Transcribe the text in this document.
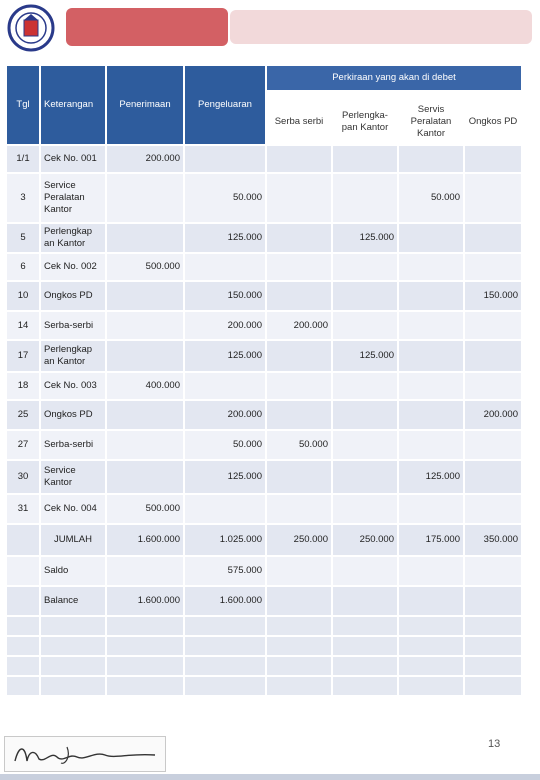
Tgl	Keterangan	Penerimaan	Pengeluaran	Perkiraan yang akan di debet			

				Serba serbi	Perlengka-pan Kantor	Servis Peralatan Kantor	Ongkos PD
1/1	Cek No. 001	200.000					
3	Service Peralatan Kantor		50.000			50.000	
5	Perlengkap an Kantor		125.000		125.000		
6	Cek No. 002	500.000					
10	Ongkos PD		150.000				150.000
14	Serba-serbi		200.000	200.000			
17	Perlengkap an Kantor		125.000		125.000		
18	Cek No. 003	400.000					
25	Ongkos PD		200.000				200.000
27	Serba-serbi		50.000	50.000			
30	Service Kantor		125.000			125.000	
31	Cek No. 004	500.000					
	JUMLAH	1.600.000	1.025.000	250.000	250.000	175.000	350.000
	Saldo		575.000				
	Balance	1.600.000	1.600.000				

13
